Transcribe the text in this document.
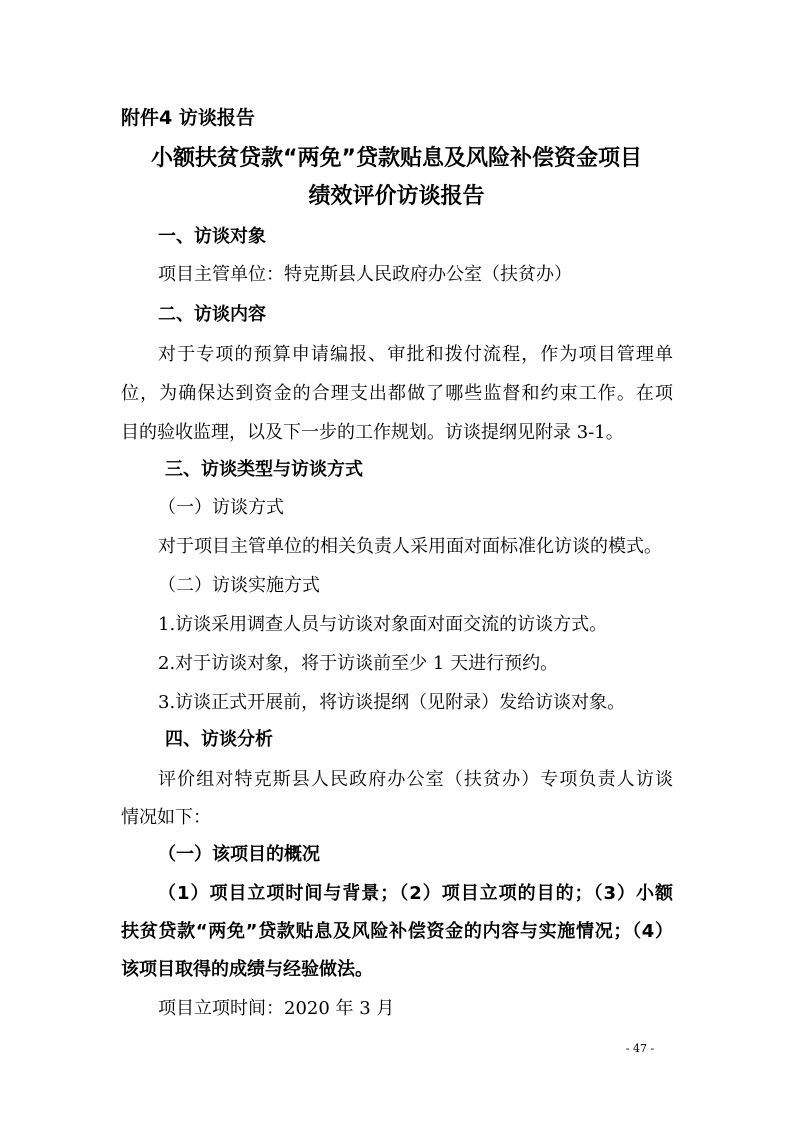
附件4 访谈报告
小额扶贫贷款“两免”贷款贴息及风险补偿资金项目
绩效评价访谈报告
一、访谈对象
项目主管单位：特克斯县人民政府办公室（扶贫办）
二、访谈内容
对于专项的预算申请编报、审批和拨付流程，作为项目管理单
位，为确保达到资金的合理支出都做了哪些监督和约束工作。在项
目的验收监理，以及下一步的工作规划。访谈提纲见附录 3-1。
三、访谈类型与访谈方式
（一）访谈方式
对于项目主管单位的相关负责人采用面对面标准化访谈的模式。
（二）访谈实施方式
1.访谈采用调查人员与访谈对象面对面交流的访谈方式。
2.对于访谈对象，将于访谈前至少 1 天进行预约。
3.访谈正式开展前，将访谈提纲（见附录）发给访谈对象。
四、访谈分析
评价组对特克斯县人民政府办公室（扶贫办）专项负责人访谈
情况如下：
（一）该项目的概况
（1）项目立项时间与背景；（2）项目立项的目的；（3）小额
扶贫贷款“两免”贷款贴息及风险补偿资金的内容与实施情况；（4）
该项目取得的成绩与经验做法。
项目立项时间：2020 年 3 月
- 47 -
